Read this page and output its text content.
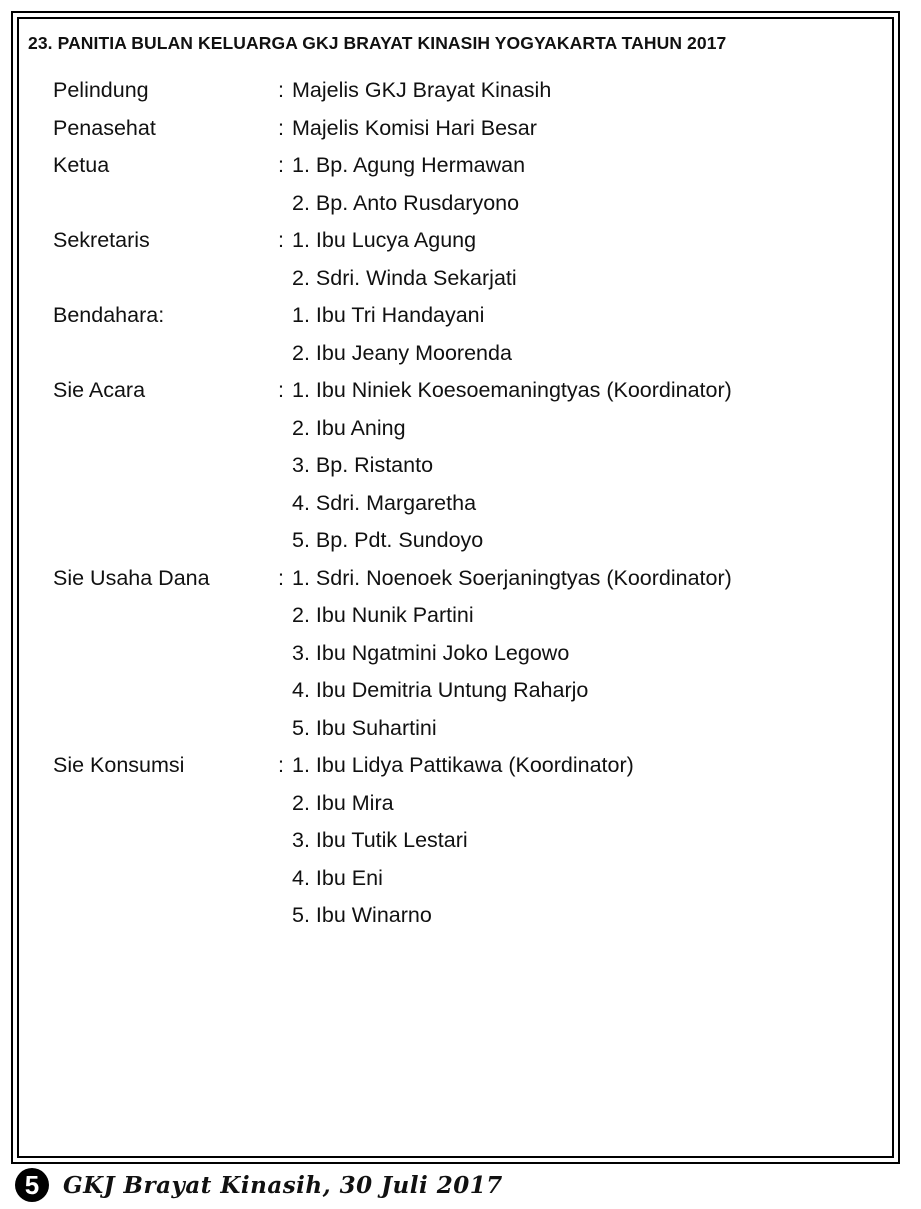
23. PANITIA BULAN KELUARGA GKJ BRAYAT KINASIH YOGYAKARTA TAHUN 2017
Pelindung	: Majelis GKJ Brayat Kinasih
Penasehat	: Majelis Komisi Hari Besar
Ketua	: 1. Bp. Agung Hermawan
2. Bp. Anto Rusdaryono
Sekretaris	: 1. Ibu Lucya Agung
2. Sdri. Winda Sekarjati
Bendahara:	1. Ibu Tri Handayani
2. Ibu Jeany Moorenda
Sie Acara	: 1. Ibu Niniek Koesoemaningtyas (Koordinator)
2. Ibu Aning
3. Bp. Ristanto
4. Sdri. Margaretha
5. Bp. Pdt. Sundoyo
Sie Usaha Dana	: 1. Sdri. Noenoek Soerjaningtyas (Koordinator)
2. Ibu Nunik Partini
3. Ibu Ngatmini Joko Legowo
4. Ibu Demitria Untung Raharjo
5. Ibu Suhartini
Sie Konsumsi	: 1. Ibu Lidya Pattikawa (Koordinator)
2. Ibu Mira
3. Ibu Tutik Lestari
4. Ibu Eni
5. Ibu Winarno
5	GKJ Brayat Kinasih, 30 Juli 2017
